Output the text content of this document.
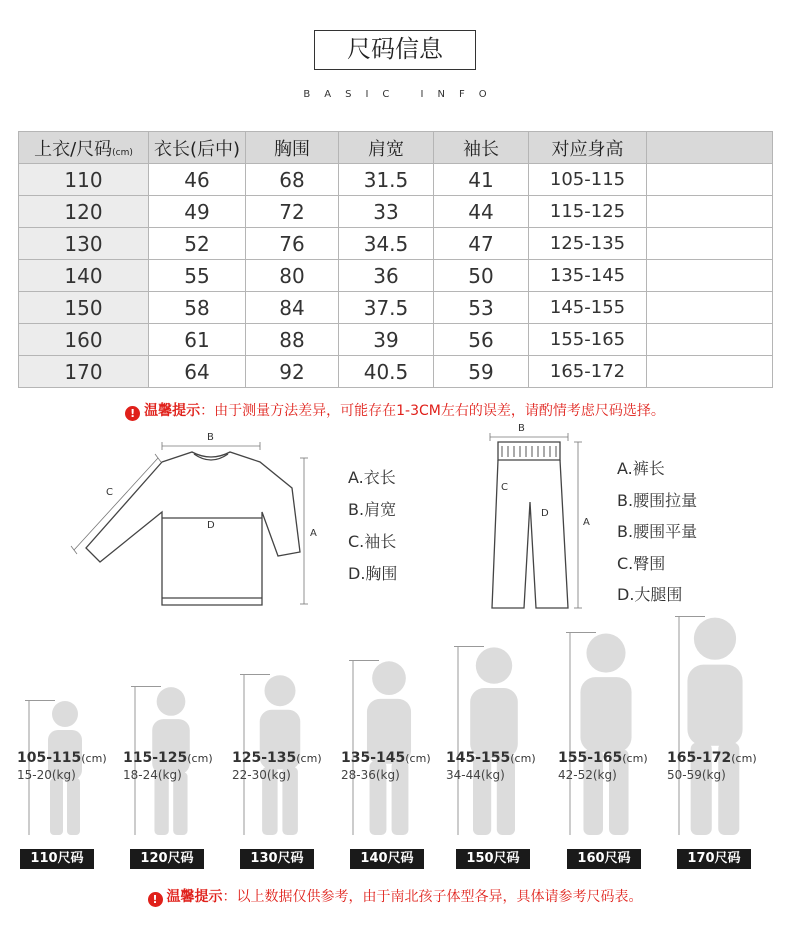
尺码信息
BASIC INFO
上衣/尺码(cm)	衣长(后中)	胸围	肩宽	袖长	对应身高	
110	46	68	31.5	41	105-115	
120	49	72	33	44	115-125	
130	52	76	34.5	47	125-135	
140	55	80	36	50	135-145	
150	58	84	37.5	53	145-155	
160	61	88	39	56	155-165	
170	64	92	40.5	59	165-172	
! 温馨提示：由于测量方法差异，可能存在1-3CM左右的误差，请酌情考虑尺码选择。
B
A
C
D
A.衣长
B.肩宽
C.袖长
D.胸围
B
A
C
D
A.裤长
B.腰围拉量
B.腰围平量
C.臀围
D.大腿围
105-115(cm)
15-20(kg)
110尺码
115-125(cm)
18-24(kg)
120尺码
125-135(cm)
22-30(kg)
130尺码
135-145(cm)
28-36(kg)
140尺码
145-155(cm)
34-44(kg)
150尺码
155-165(cm)
42-52(kg)
160尺码
165-172(cm)
50-59(kg)
170尺码
! 温馨提示：以上数据仅供参考，由于南北孩子体型各异，具体请参考尺码表。
